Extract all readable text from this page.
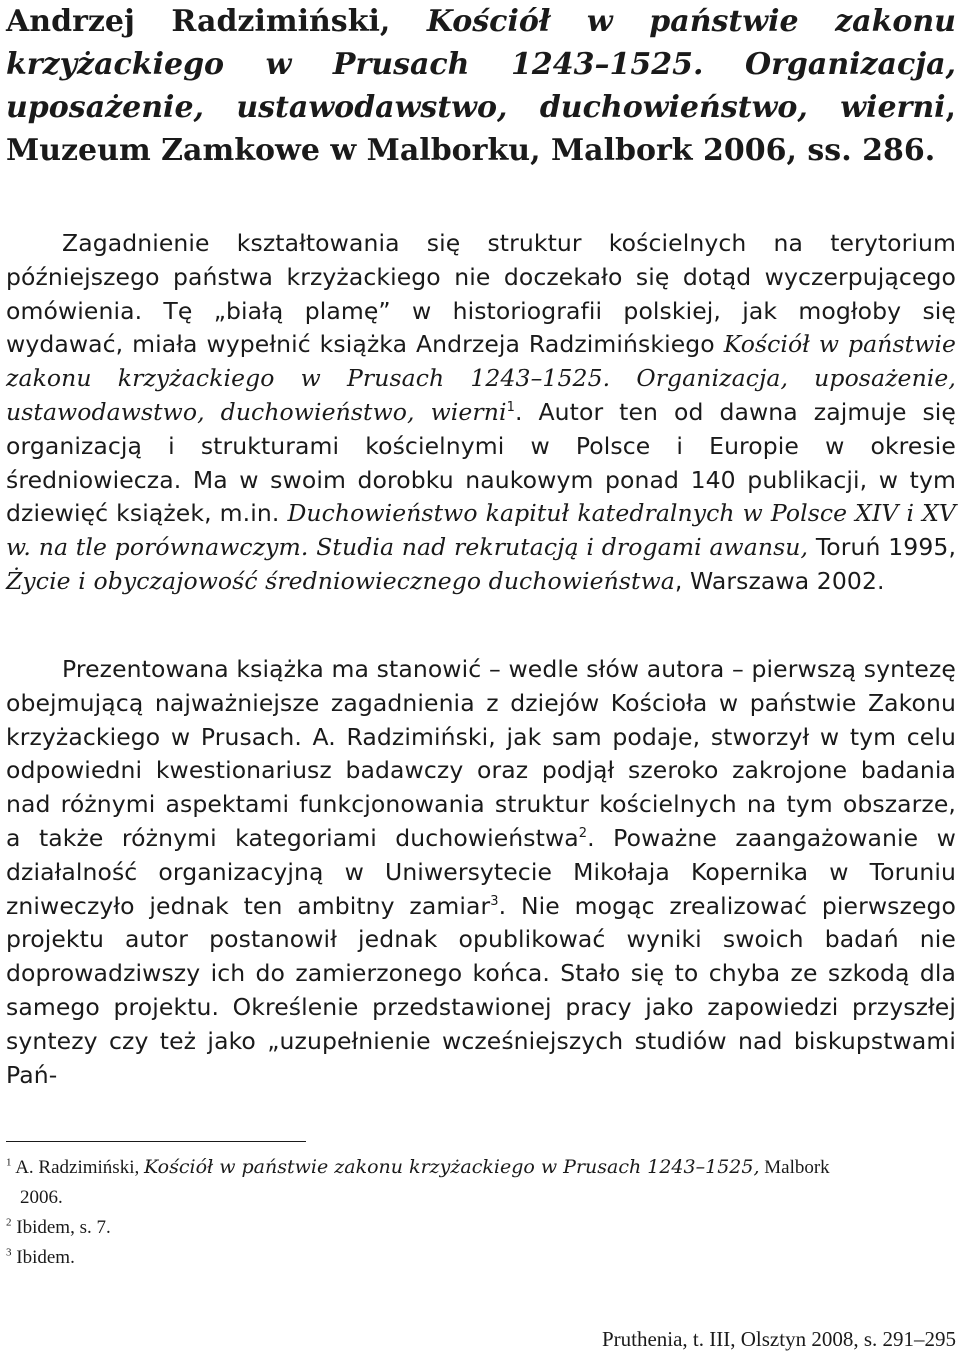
Andrzej Radzimiński, Kościół w państwie zakonu krzyżackiego w Prusach 1243–1525. Organizacja, uposażenie, ustawodawstwo, duchowieństwo, wierni, Muzeum Zamkowe w Malborku, Malbork 2006, ss. 286.

Zagadnienie kształtowania się struktur kościelnych na terytorium późniejszego państwa krzyżackiego nie doczekało się dotąd wyczerpującego omówienia. Tę „białą plamę” w historiografii polskiej, jak mogłoby się wydawać, miała wypełnić książka Andrzeja Radzimińskiego Kościół w państwie zakonu krzyżackiego w Prusach 1243–1525. Organizacja, uposażenie, ustawodawstwo, duchowieństwo, wierni$^1$. Autor ten od dawna zajmuje się organizacją i strukturami kościelnymi w Polsce i Europie w okresie średniowiecza. Ma w swoim dorobku naukowym ponad 140 publikacji, w tym dziewięć książek, m.in. Duchowieństwo kapituł katedralnych w Polsce XIV i XV w. na tle porównawczym. Studia nad rekrutacją i drogami awansu, Toruń 1995, Życie i obyczajowość średniowiecznego duchowieństwa, Warszawa 2002.

Prezentowana książka ma stanowić – wedle słów autora – pierwszą syntezę obejmującą najważniejsze zagadnienia z dziejów Kościoła w państwie Zakonu krzyżackiego w Prusach. A. Radzimiński, jak sam podaje, stworzył w tym celu odpowiedni kwestionariusz badawczy oraz podjął szeroko zakrojone badania nad różnymi aspektami funkcjonowania struktur kościelnych na tym obszarze, a także różnymi kategoriami duchowieństwa$^2$. Poważne zaangażowanie w działalność organizacyjną w Uniwersytecie Mikołaja Kopernika w Toruniu zniweczyło jednak ten ambitny zamiar$^3$. Nie mogąc zrealizować pierwszego projektu autor postanowił jednak opublikować wyniki swoich badań nie doprowadziwszy ich do zamierzonego końca. Stało się to chyba ze szkodą dla samego projektu. Określenie przedstawionej pracy jako zapowiedzi przyszłej syntezy czy też jako „uzupełnienie wcześniejszych studiów nad biskupstwami Pań-

$^1$ A. Radzimiński, Kościół w państwie zakonu krzyżackiego w Prusach 1243–1525, Malbork

2006.

$^2$ Ibidem, s. 7.

$^3$ Ibidem.

Pruthenia, t. III, Olsztyn 2008, s. 291–295
